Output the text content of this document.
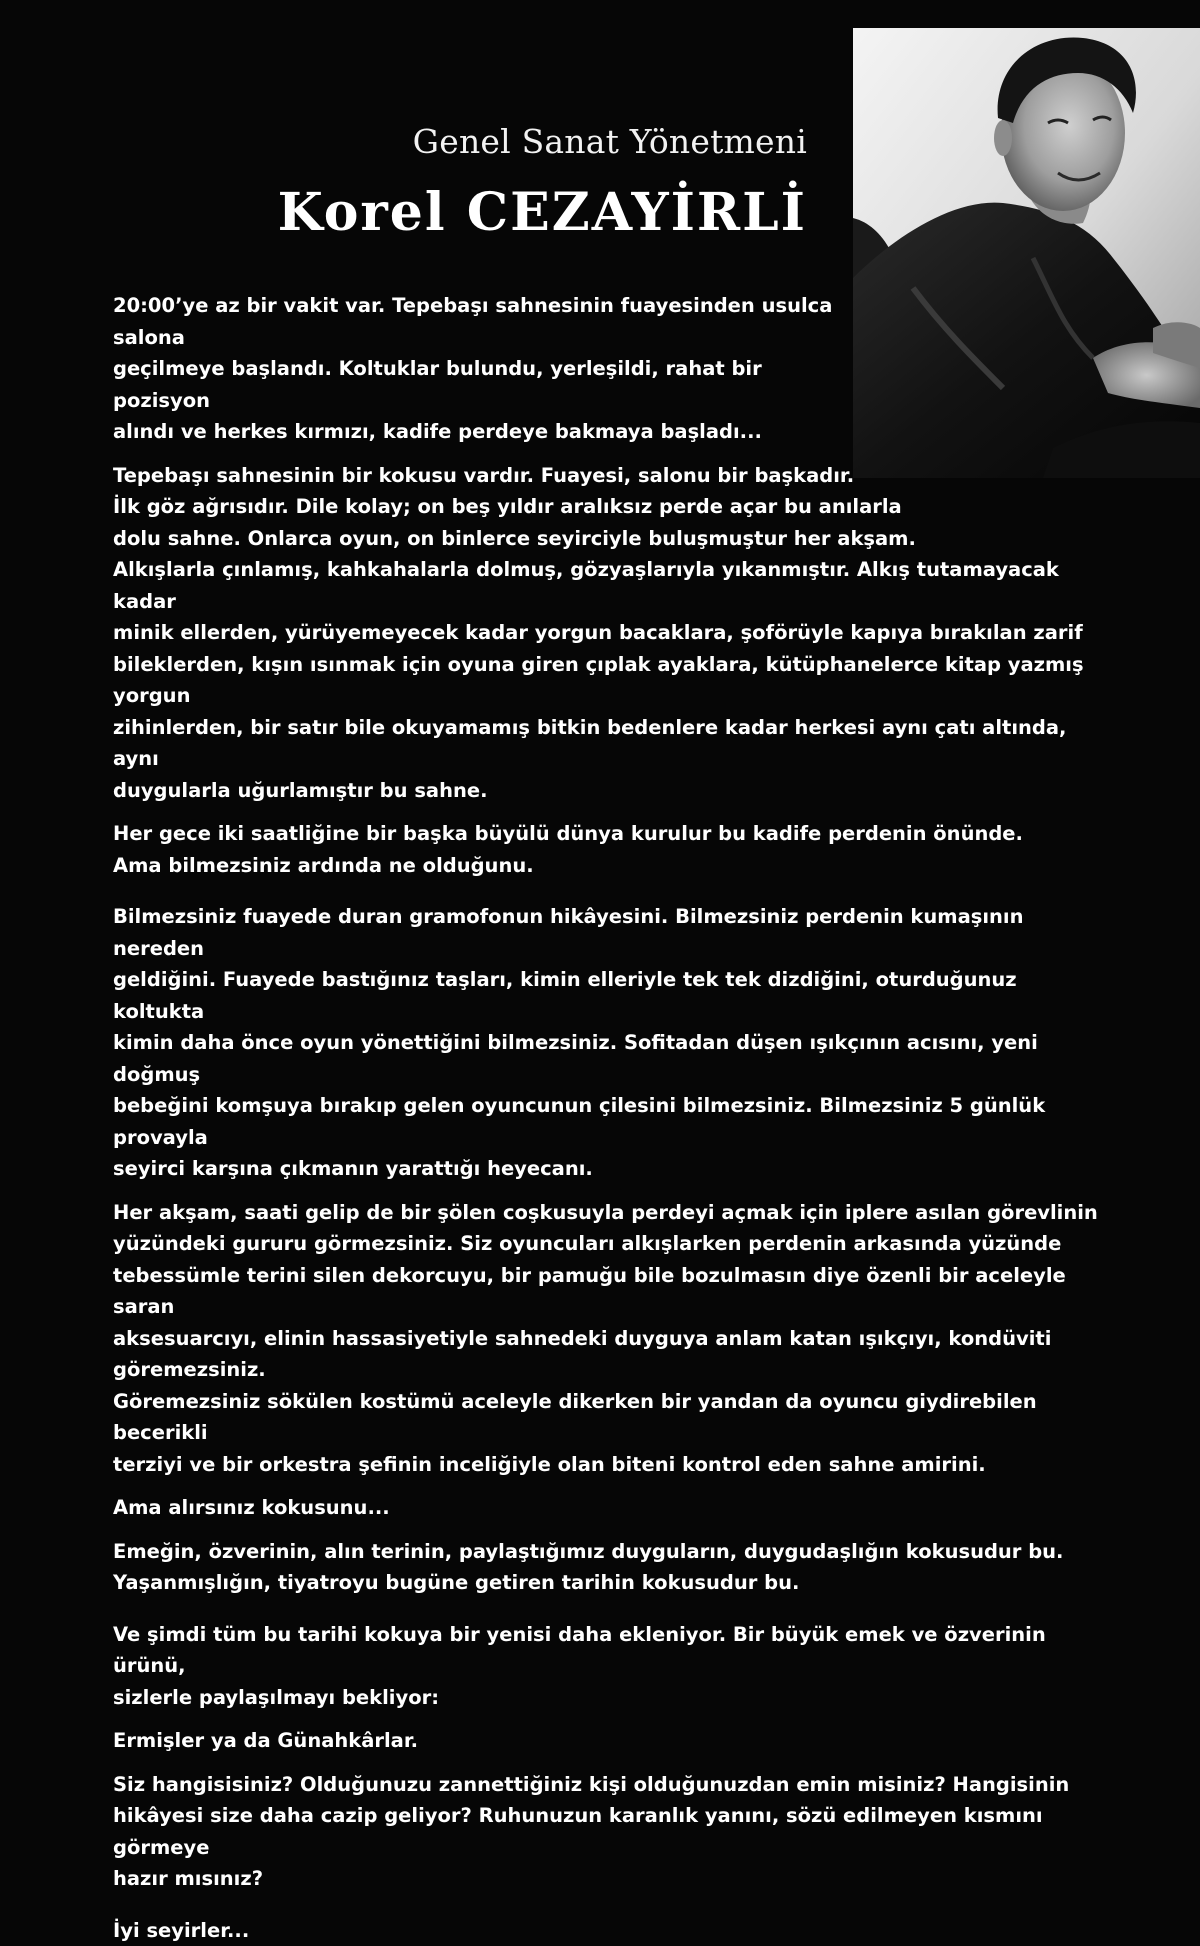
Genel Sanat Yönetmeni
Korel CEZAYİRLİ

20:00’ye az bir vakit var. Tepebaşı sahnesinin fuayesinden usulca salona
geçilmeye başlandı. Koltuklar bulundu, yerleşildi, rahat bir pozisyon
alındı ve herkes kırmızı, kadife perdeye bakmaya başladı...

Tepebaşı sahnesinin bir kokusu vardır. Fuayesi, salonu bir başkadır.
İlk göz ağrısıdır. Dile kolay; on beş yıldır aralıksız perde açar bu anılarla
dolu sahne. Onlarca oyun, on binlerce seyirciyle buluşmuştur her akşam.
Alkışlarla çınlamış, kahkahalarla dolmuş, gözyaşlarıyla yıkanmıştır. Alkış tutamayacak kadar
minik ellerden, yürüyemeyecek kadar yorgun bacaklara, şoförüyle kapıya bırakılan zarif
bileklerden, kışın ısınmak için oyuna giren çıplak ayaklara, kütüphanelerce kitap yazmış yorgun
zihinlerden, bir satır bile okuyamamış bitkin bedenlere kadar herkesi aynı çatı altında, aynı
duygularla uğurlamıştır bu sahne.

Her gece iki saatliğine bir başka büyülü dünya kurulur bu kadife perdenin önünde.
Ama bilmezsiniz ardında ne olduğunu.

Bilmezsiniz fuayede duran gramofonun hikâyesini. Bilmezsiniz perdenin kumaşının nereden
geldiğini. Fuayede bastığınız taşları, kimin elleriyle tek tek dizdiğini, oturduğunuz koltukta
kimin daha önce oyun yönettiğini bilmezsiniz. Sofitadan düşen ışıkçının acısını, yeni doğmuş
bebeğini komşuya bırakıp gelen oyuncunun çilesini bilmezsiniz. Bilmezsiniz 5 günlük provayla
seyirci karşına çıkmanın yarattığı heyecanı.

Her akşam, saati gelip de bir şölen coşkusuyla perdeyi açmak için iplere asılan görevlinin
yüzündeki gururu görmezsiniz. Siz oyuncuları alkışlarken perdenin arkasında yüzünde
tebessümle terini silen dekorcuyu, bir pamuğu bile bozulmasın diye özenli bir aceleyle saran
aksesuarcıyı, elinin hassasiyetiyle sahnedeki duyguya anlam katan ışıkçıyı, kondüviti göremezsiniz.
Göremezsiniz sökülen kostümü aceleyle dikerken bir yandan da oyuncu giydirebilen becerikli
terziyi ve bir orkestra şefinin inceliğiyle olan biteni kontrol eden sahne amirini.

Ama alırsınız kokusunu...

Emeğin, özverinin, alın terinin, paylaştığımız duyguların, duygudaşlığın kokusudur bu.
Yaşanmışlığın, tiyatroyu bugüne getiren tarihin kokusudur bu.

Ve şimdi tüm bu tarihi kokuya bir yenisi daha ekleniyor. Bir büyük emek ve özverinin ürünü,
sizlerle paylaşılmayı bekliyor:

Ermişler ya da Günahkârlar.

Siz hangisisiniz? Olduğunuzu zannettiğiniz kişi olduğunuzdan emin misiniz? Hangisinin
hikâyesi size daha cazip geliyor? Ruhunuzun karanlık yanını, sözü edilmeyen kısmını görmeye
hazır mısınız?

İyi seyirler...
